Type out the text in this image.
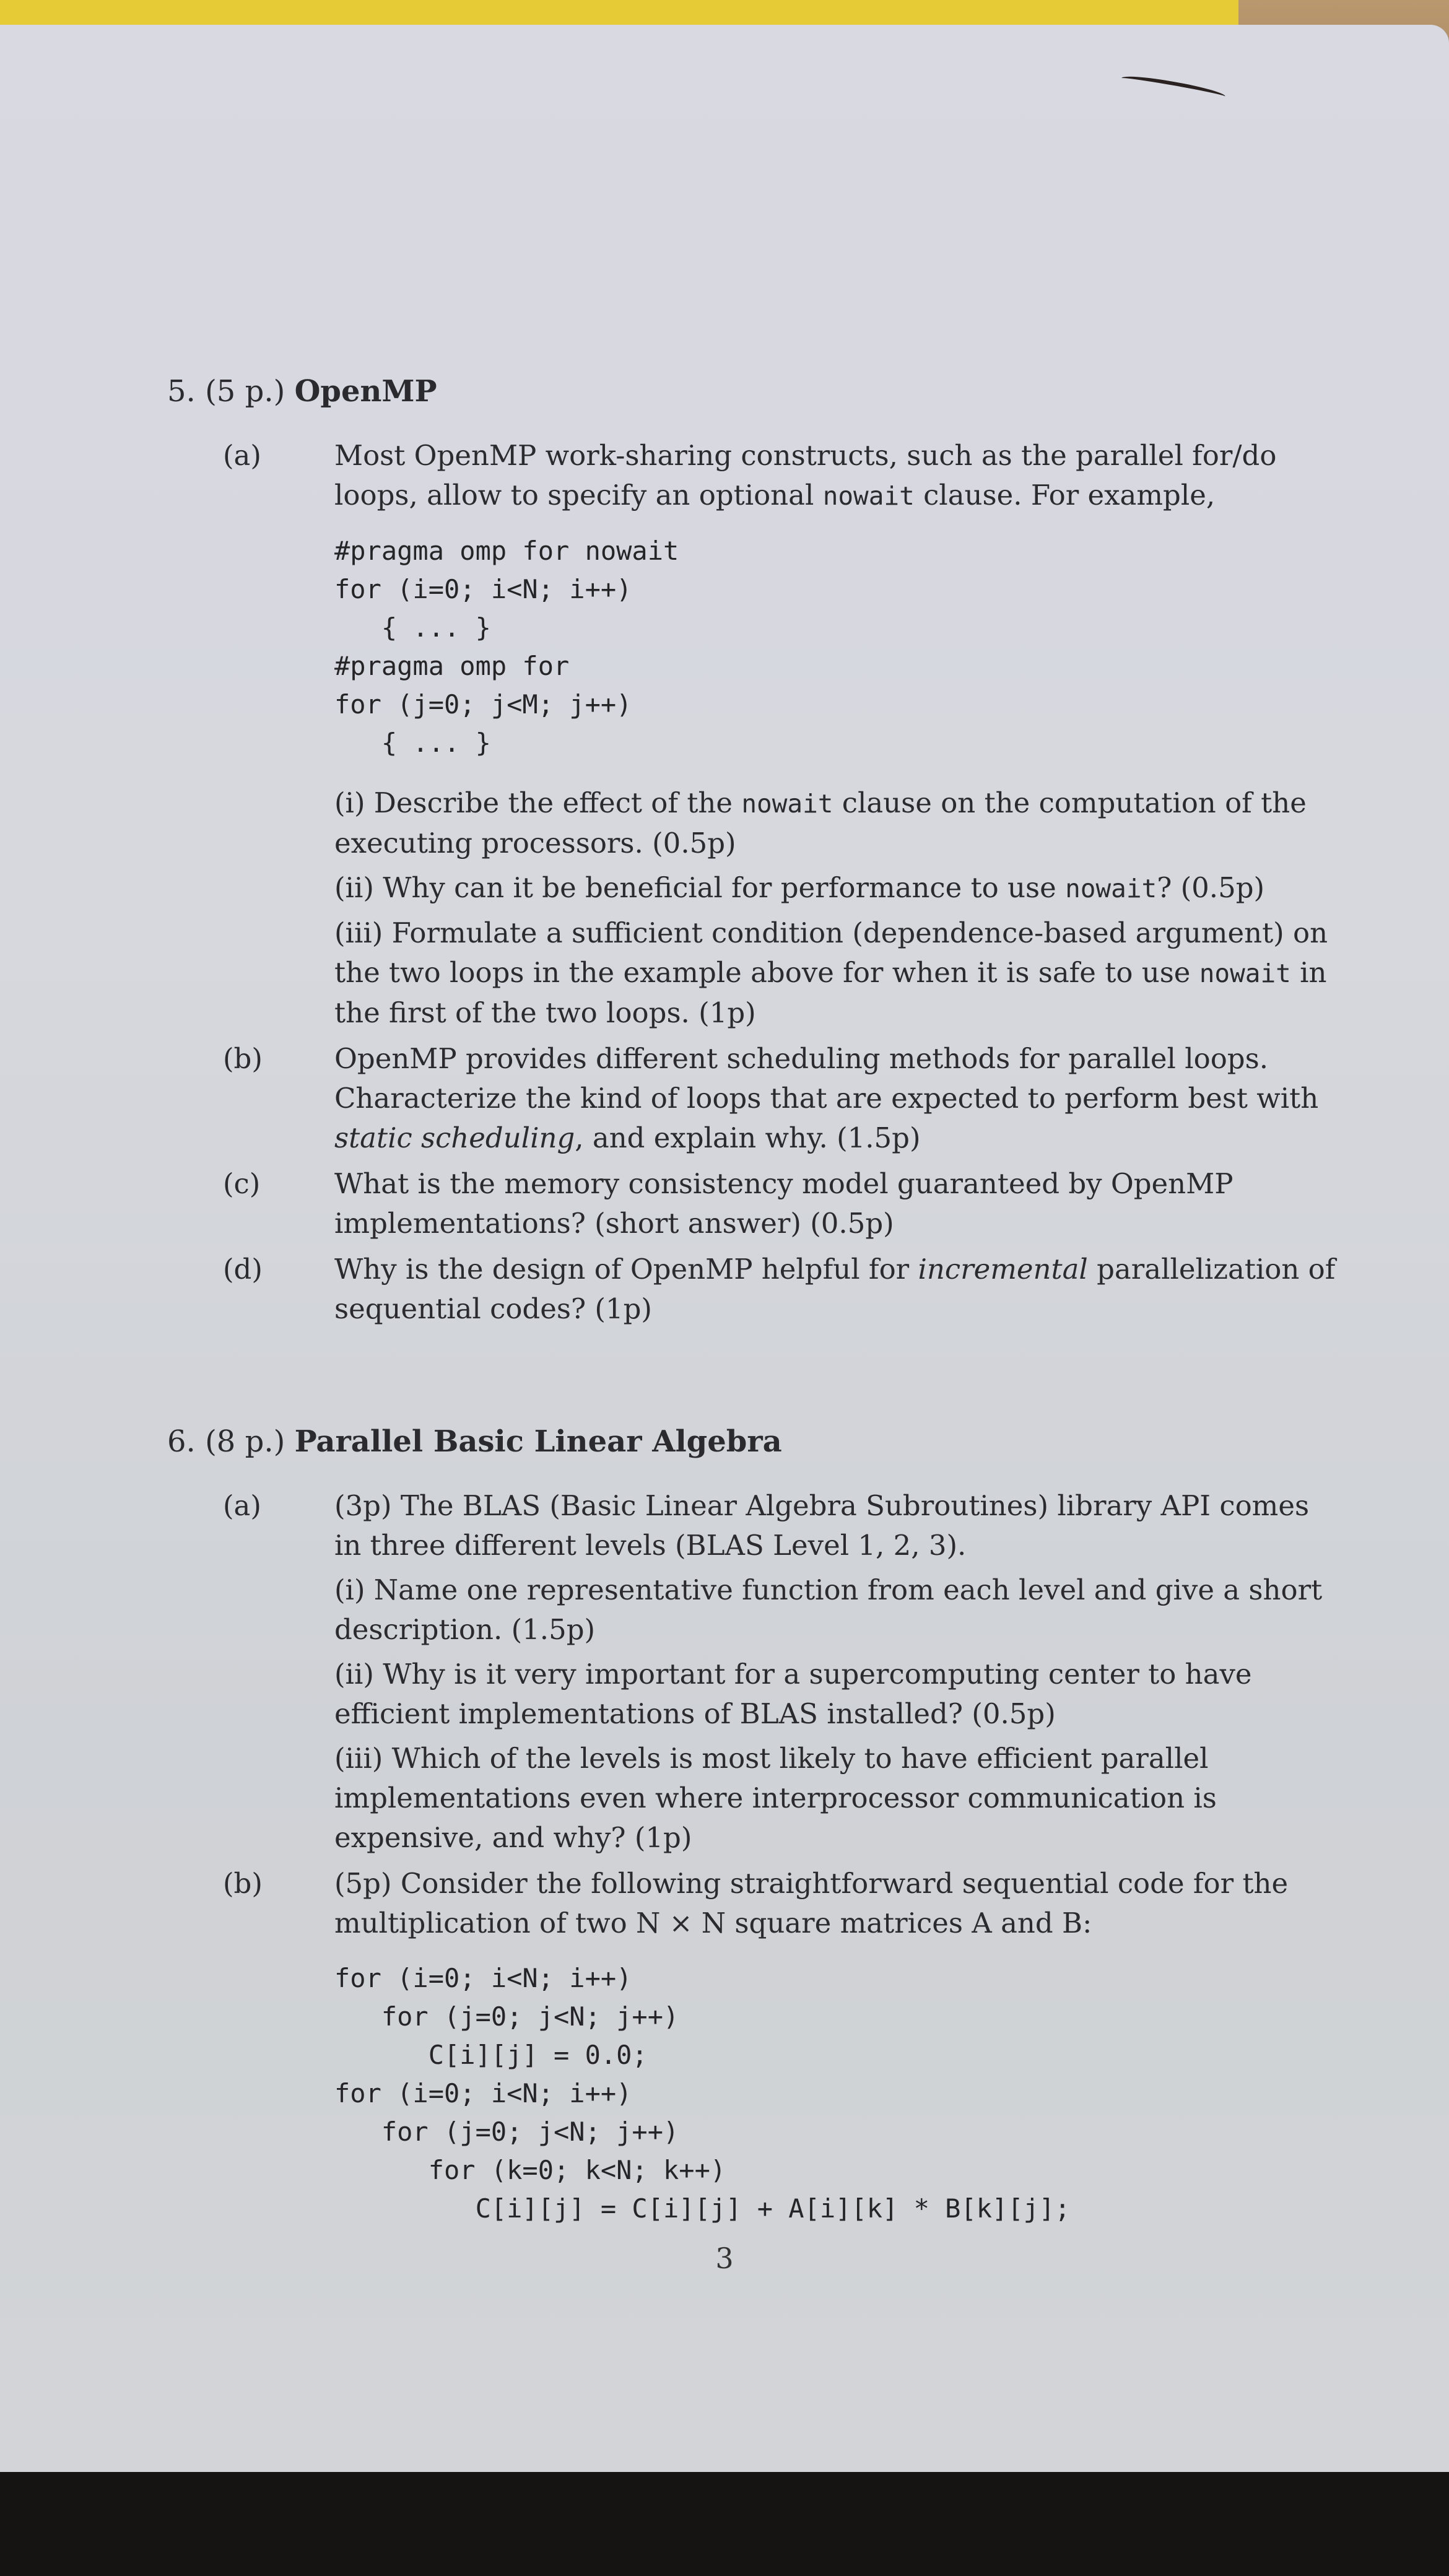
5. (5 p.) OpenMP
(a)	Most OpenMP work-sharing constructs, such as the parallel for/do loops, allow to specify an optional nowait clause. For example,

#pragma omp for nowait
for (i=0; i<N; i++)
{ ... }
#pragma omp for
for (j=0; j<M; j++)
{ ... }

(i) Describe the effect of the nowait clause on the computation of the executing processors. (0.5p)

(ii) Why can it be beneficial for performance to use nowait? (0.5p)

(iii) Formulate a sufficient condition (dependence-based argument) on the two loops in the example above for when it is safe to use nowait in the first of the two loops. (1p)

(b)	OpenMP provides different scheduling methods for parallel loops. Characterize the kind of loops that are expected to perform best with static scheduling, and explain why. (1.5p)

(c)	What is the memory consistency model guaranteed by OpenMP implementations? (short answer) (0.5p)

(d)	Why is the design of OpenMP helpful for incremental parallelization of sequential codes? (1p)

6. (8 p.) Parallel Basic Linear Algebra
(a)	(3p) The BLAS (Basic Linear Algebra Subroutines) library API comes in three different levels (BLAS Level 1, 2, 3).

(i) Name one representative function from each level and give a short description. (1.5p)

(ii) Why is it very important for a supercomputing center to have efficient implementations of BLAS installed? (0.5p)

(iii) Which of the levels is most likely to have efficient parallel implementations even where interprocessor communication is expensive, and why? (1p)

(b)	(5p) Consider the following straightforward sequential code for the multiplication of two N × N square matrices A and B:

for (i=0; i<N; i++)
for (j=0; j<N; j++)
C[i][j] = 0.0;
for (i=0; i<N; i++)
for (j=0; j<N; j++)
for (k=0; k<N; k++)
C[i][j] = C[i][j] + A[i][k] * B[k][j];
3
